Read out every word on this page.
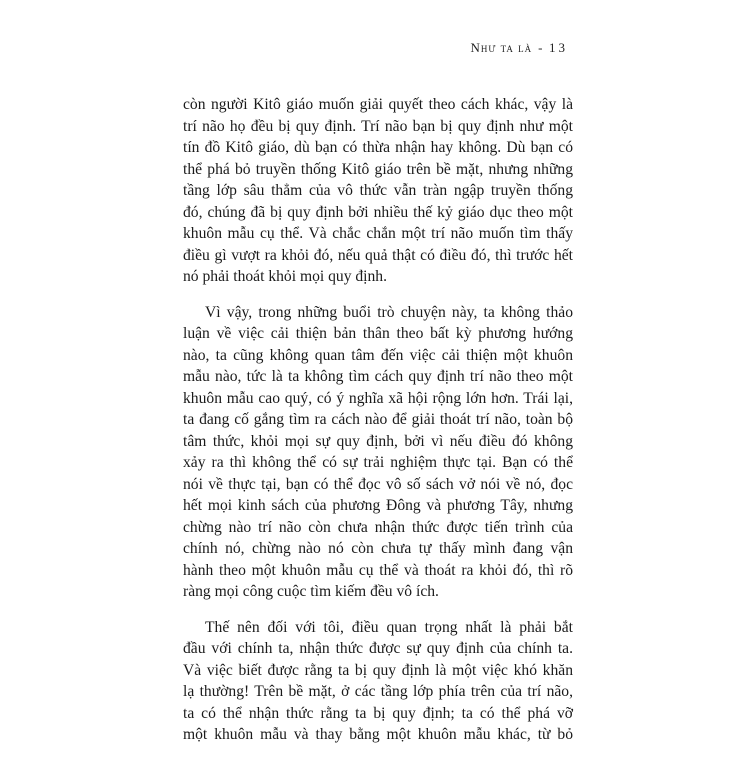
Như ta là - 13

còn người Kitô giáo muốn giải quyết theo cách khác, vậy là
trí não họ đều bị quy định. Trí não bạn bị quy định như một
tín đồ Kitô giáo, dù bạn có thừa nhận hay không. Dù bạn có
thể phá bỏ truyền thống Kitô giáo trên bề mặt, nhưng những
tầng lớp sâu thẳm của vô thức vẫn tràn ngập truyền thống
đó, chúng đã bị quy định bởi nhiều thế kỷ giáo dục theo một
khuôn mẫu cụ thể. Và chắc chắn một trí não muốn tìm thấy
điều gì vượt ra khỏi đó, nếu quả thật có điều đó, thì trước hết
nó phải thoát khỏi mọi quy định.

Vì vậy, trong những buổi trò chuyện này, ta không thảo
luận về việc cải thiện bản thân theo bất kỳ phương hướng
nào, ta cũng không quan tâm đến việc cải thiện một khuôn
mẫu nào, tức là ta không tìm cách quy định trí não theo một
khuôn mẫu cao quý, có ý nghĩa xã hội rộng lớn hơn. Trái lại,
ta đang cố gắng tìm ra cách nào để giải thoát trí não, toàn bộ
tâm thức, khỏi mọi sự quy định, bởi vì nếu điều đó không
xảy ra thì không thể có sự trải nghiệm thực tại. Bạn có thể
nói về thực tại, bạn có thể đọc vô số sách vở nói về nó, đọc
hết mọi kinh sách của phương Đông và phương Tây, nhưng
chừng nào trí não còn chưa nhận thức được tiến trình của
chính nó, chừng nào nó còn chưa tự thấy mình đang vận
hành theo một khuôn mẫu cụ thể và thoát ra khỏi đó, thì rõ
ràng mọi công cuộc tìm kiếm đều vô ích.

Thế nên đối với tôi, điều quan trọng nhất là phải bắt
đầu với chính ta, nhận thức được sự quy định của chính ta.
Và việc biết được rằng ta bị quy định là một việc khó khăn
lạ thường! Trên bề mặt, ở các tầng lớp phía trên của trí não,
ta có thể nhận thức rằng ta bị quy định; ta có thể phá vỡ
một khuôn mẫu và thay bằng một khuôn mẫu khác, từ bỏ
